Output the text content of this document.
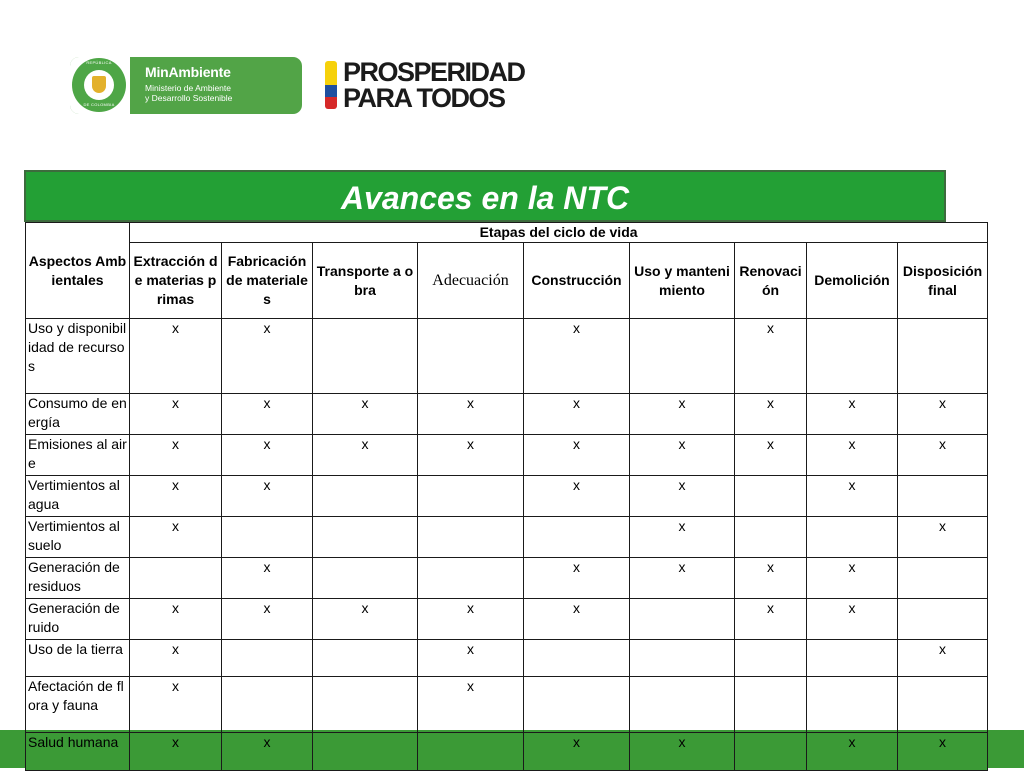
REPÚBLICA
DE COLOMBIA
MinAmbiente
Ministerio de Ambiente
y Desarrollo Sostenible
PROSPERIDAD
PARA TODOS
Avances en la NTC
Aspectos Ambientales	Etapas del ciclo de vida								
	Extracción de materias primas	Fabricación de materiales	Transporte a obra	Adecuación	Construcción	Uso y mantenimiento	Renovación	Demolición	Disposición final
Uso y disponibilidad de recursos	x	x			x		x		
Consumo de energía	x	x	x	x	x	x	x	x	x
Emisiones al aire	x	x	x	x	x	x	x	x	x
Vertimientos al agua	x	x			x	x		x	
Vertimientos al suelo	x					x			x
Generación de residuos		x			x	x	x	x	
Generación de ruido	x	x	x	x	x		x	x	
Uso de la tierra	x			x					x
Afectación de flora y fauna	x			x					
Salud humana	x	x			x	x		x	x
